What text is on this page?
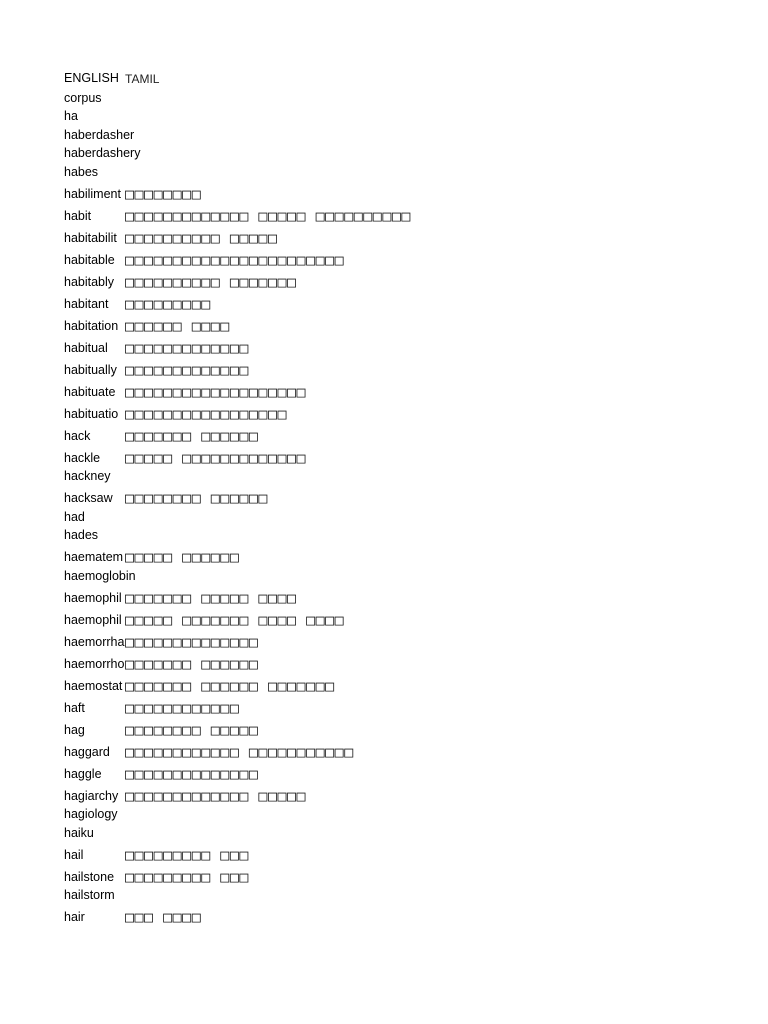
ENGLISH TAMIL
corpus
ha
haberdasher
haberdashery
habes
habiliment □□□□□□□□
habit	□□□□□□□□□□□□□ □□□□□ □□□□□□□□□□
habitabilit □□□□□□□□□□ □□□□□
habitable □□□□□□□□□□□□□□□□□□□□□□□
habitably □□□□□□□□□□ □□□□□□□
habitant	□□□□□□□□□
habitation □□□□□□ □□□□
habitual	□□□□□□□□□□□□□
habitually □□□□□□□□□□□□□
habituate □□□□□□□□□□□□□□□□□□□
habituatio □□□□□□□□□□□□□□□□□
hack	□□□□□□□ □□□□□□
hackle	□□□□□ □□□□□□□□□□□□□
hackney
hacksaw □□□□□□□□ □□□□□□
had
hades
haematem □□□□□ □□□□□□
haemoglobin
haemophil □□□□□□□ □□□□□ □□□□
haemophil □□□□□ □□□□□□□ □□□□ □□□□
haemorrha □□□□□□□□□□□□□□
haemorrho □□□□□□□ □□□□□□
haemostat □□□□□□□ □□□□□□ □□□□□□□
haft	□□□□□□□□□□□□
hag	□□□□□□□□ □□□□□
haggard	□□□□□□□□□□□□ □□□□□□□□□□□
haggle	□□□□□□□□□□□□□□
hagiarchy □□□□□□□□□□□□□ □□□□□
hagiology
haiku
hail	□□□□□□□□□ □□□
hailstone □□□□□□□□□ □□□
hailstorm
hair	□□□ □□□□
